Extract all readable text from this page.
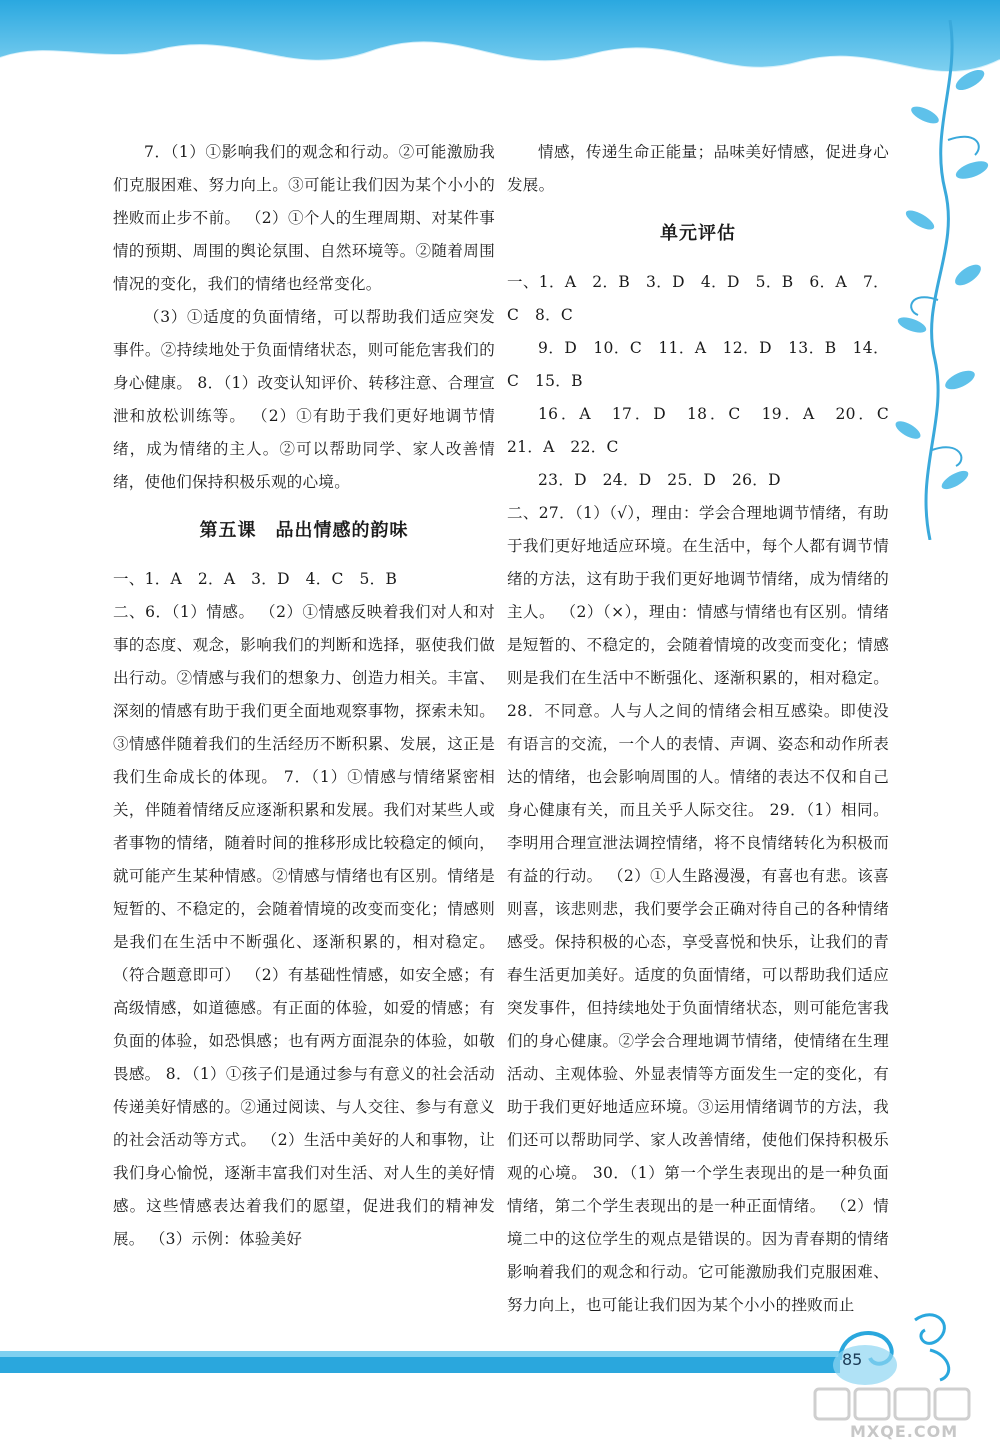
7．（1）①影响我们的观念和行动。②可能激励我们克服困难、努力向上。③可能让我们因为某个小小的挫败而止步不前。 （2）①个人的生理周期、对某件事情的预期、周围的舆论氛围、自然环境等。②随着周围情况的变化，我们的情绪也经常变化。

（3）①适度的负面情绪，可以帮助我们适应突发事件。②持续地处于负面情绪状态，则可能危害我们的身心健康。 8．（1）改变认知评价、转移注意、合理宣泄和放松训练等。 （2）①有助于我们更好地调节情绪，成为情绪的主人。②可以帮助同学、家人改善情绪，使他们保持积极乐观的心境。

第五课　品出情感的韵味

一、1．A　2．A　3．D　4．C　5．B

二、6．（1）情感。 （2）①情感反映着我们对人和对事的态度、观念，影响我们的判断和选择，驱使我们做出行动。②情感与我们的想象力、创造力相关。丰富、深刻的情感有助于我们更全面地观察事物，探索未知。③情感伴随着我们的生活经历不断积累、发展，这正是我们生命成长的体现。 7．（1）①情感与情绪紧密相关，伴随着情绪反应逐渐积累和发展。我们对某些人或者事物的情绪，随着时间的推移形成比较稳定的倾向，就可能产生某种情感。②情感与情绪也有区别。情绪是短暂的、不稳定的，会随着情境的改变而变化；情感则是我们在生活中不断强化、逐渐积累的，相对稳定。（符合题意即可） （2）有基础性情感，如安全感；有高级情感，如道德感。有正面的体验，如爱的情感；有负面的体验，如恐惧感；也有两方面混杂的体验，如敬畏感。 8．（1）①孩子们是通过参与有意义的社会活动传递美好情感的。②通过阅读、与人交往、参与有意义的社会活动等方式。 （2）生活中美好的人和事物，让我们身心愉悦，逐渐丰富我们对生活、对人生的美好情感。这些情感表达着我们的愿望，促进我们的精神发展。 （3）示例：体验美好

情感，传递生命正能量；品味美好情感，促进身心发展。

单元评估

一、1．A　2．B　3．D　4．D　5．B　6．A　7．C　8．C

9．D　10．C　11．A　12．D　13．B　14．C　15．B

16．A　17．D　18．C　19．A　20．C　21．A　22．C

23．D　24．D　25．D　26．D

二、27．（1）（√），理由：学会合理地调节情绪，有助于我们更好地适应环境。在生活中，每个人都有调节情绪的方法，这有助于我们更好地调节情绪，成为情绪的主人。 （2）（×），理由：情感与情绪也有区别。情绪是短暂的、不稳定的，会随着情境的改变而变化；情感则是我们在生活中不断强化、逐渐积累的，相对稳定。 28．不同意。人与人之间的情绪会相互感染。即使没有语言的交流，一个人的表情、声调、姿态和动作所表达的情绪，也会影响周围的人。情绪的表达不仅和自己身心健康有关，而且关乎人际交往。 29．（1）相同。李明用合理宣泄法调控情绪，将不良情绪转化为积极而有益的行动。 （2）①人生路漫漫，有喜也有悲。该喜则喜，该悲则悲，我们要学会正确对待自己的各种情绪感受。保持积极的心态，享受喜悦和快乐，让我们的青春生活更加美好。适度的负面情绪，可以帮助我们适应突发事件，但持续地处于负面情绪状态，则可能危害我们的身心健康。②学会合理地调节情绪，使情绪在生理活动、主观体验、外显表情等方面发生一定的变化，有助于我们更好地适应环境。③运用情绪调节的方法，我们还可以帮助同学、家人改善情绪，使他们保持积极乐观的心境。 30．（1）第一个学生表现出的是一种负面情绪，第二个学生表现出的是一种正面情绪。 （2）情境二中的这位学生的观点是错误的。因为青春期的情绪影响着我们的观念和行动。它可能激励我们克服困难、努力向上，也可能让我们因为某个小小的挫败而止

85
MXQE.COM
